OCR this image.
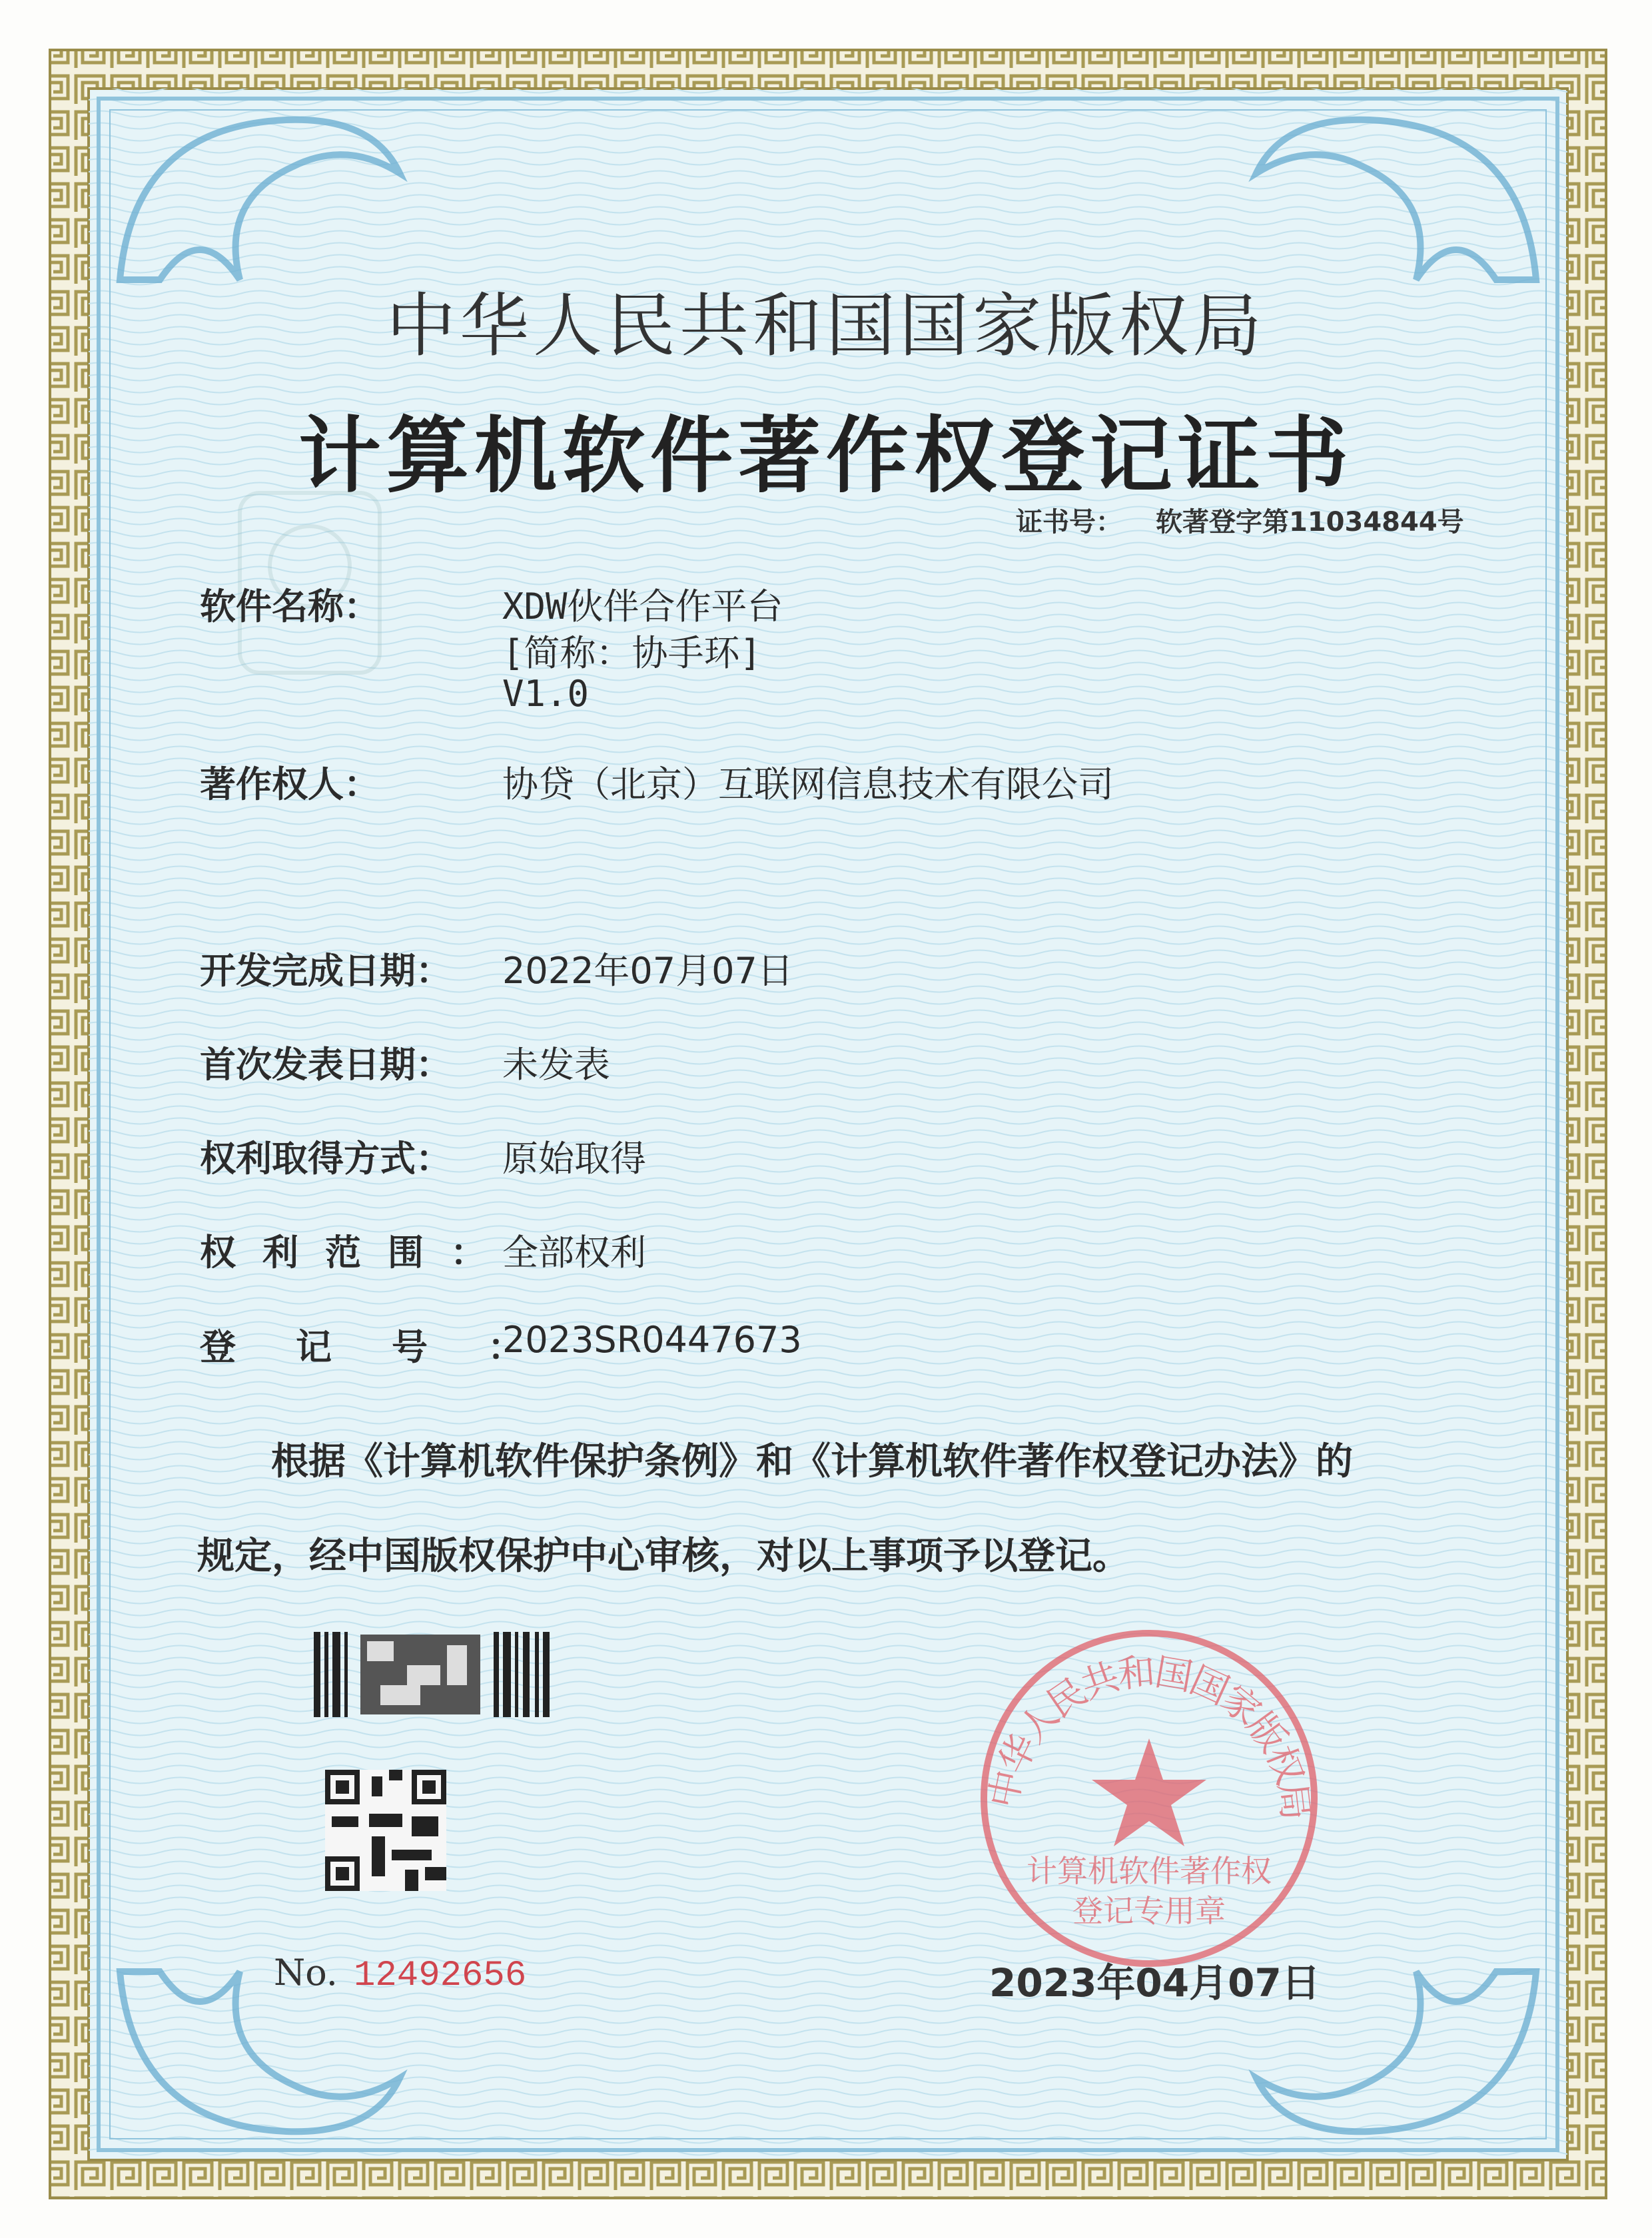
中华人民共和国国家版权局
计算机软件著作权登记证书
证书号： 软著登字第11034844号
软件名称：	XDW伙伴合作平台
[简称：协手环]
V1.0
著作权人：	协贷（北京）互联网信息技术有限公司
开发完成日期：	2022年07月07日
首次发表日期：	未发表
权利取得方式：	原始取得
权利范围：
全部权利
登记号：
2023SR0447673
根据《计算机软件保护条例》和《计算机软件著作权登记办法》的
规定，经中国版权保护中心审核，对以上事项予以登记。
No. 12492656
中华人民共和国国家版权局
计算机软件著作权
登记专用章
2023年04月07日
